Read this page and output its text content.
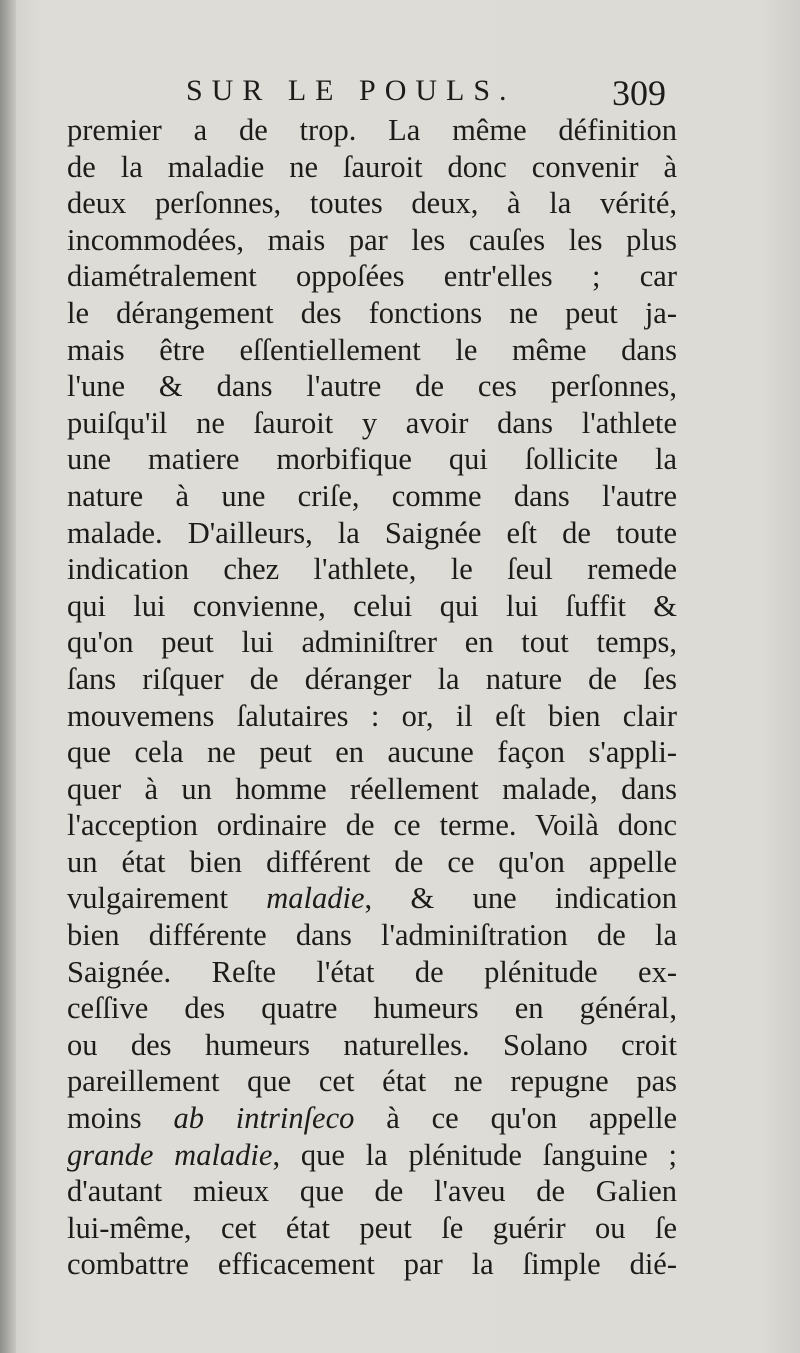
SUR LE POULS.	309
premier a de trop. La même définition
de la maladie ne ſauroit donc convenir à
deux perſonnes, toutes deux, à la vérité,
incommodées, mais par les cauſes les plus
diamétralement oppoſées entr'elles ; car
le dérangement des fonctions ne peut ja-
mais être eſſentiellement le même dans
l'une & dans l'autre de ces perſonnes,
puiſqu'il ne ſauroit y avoir dans l'athlete
une matiere morbifique qui ſollicite la
nature à une criſe, comme dans l'autre
malade. D'ailleurs, la Saignée eſt de toute
indication chez l'athlete, le ſeul remede
qui lui convienne, celui qui lui ſuffit &
qu'on peut lui adminiſtrer en tout temps,
ſans riſquer de déranger la nature de ſes
mouvemens ſalutaires : or, il eſt bien clair
que cela ne peut en aucune façon s'appli-
quer à un homme réellement malade, dans
l'acception ordinaire de ce terme. Voilà donc
un état bien différent de ce qu'on appelle
vulgairement maladie, & une indication
bien différente dans l'adminiſtration de la
Saignée. Reſte l'état de plénitude ex-
ceſſive des quatre humeurs en général,
ou des humeurs naturelles. Solano croit
pareillement que cet état ne repugne pas
moins ab intrinſeco à ce qu'on appelle
grande maladie, que la plénitude ſanguine ;
d'autant mieux que de l'aveu de Galien
lui-même, cet état peut ſe guérir ou ſe
combattre efficacement par la ſimple dié-
